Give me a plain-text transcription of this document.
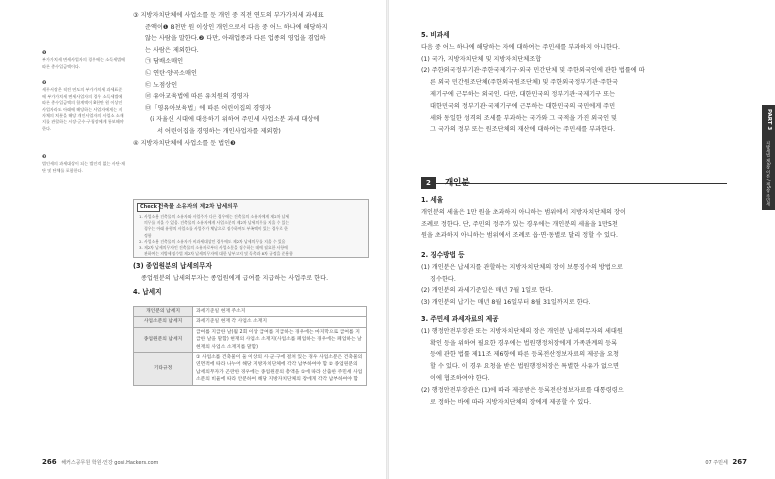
❶
부가가치세 면세사업자의 경우에는 소득세법에 따른 총수입금액이다.
❷
세무서장은 직전 연도의 부가가치세 과세표준에 부가가치세 면세사업자의 경우 소득세법에 따른 총수입금액의 합계액이 8천만 원 이상인 사업자라도 아래에 해당하는 사업자에게는 지자체의 처분을 해당 개인사업자의 사업소 소재지를 관할하는 시장·군수·구청장에게 통보해야 한다.
❸
법인세의 과세대상이 되는 법인격 없는 사단·재단 및 단체를 포함한다.
③ 지방자치단체에 사업소를 둔 개인 중 직전 연도의 부가가치세 과세표
준액이❶ 8천만 원 이상인 개인으로서 다음 중 어느 하나에 해당하지
않는 사람을 말한다.❷ 다만, 아래업종과 다른 업종의 영업을 겸업하
는 사람은 제외한다.
㉠ 담배소매인
㉡ 연탄·양곡소매인
㉢ 노점상인
㉣ 유아교육법에 따른 유치원의 경영자
㉤「영유아보육법」에 따른 어린이집의 경영자
(ⅰ 자율신 시대에 대응하기 위하여 주민세 사업소분 과세 대상에
서 어린이집을 경영하는 개인사업자를 제외함)
④ 지방자치단체에 사업소를 둔 법인❸
Check 건축물 소유자의 제2차 납세의무
1. 사업소용 건축물의 소유자와 사업주가 다른 경우에는 건축물의 소유자에게 제2차 납세
의무를 지울 수 있음. 건축물의 소유자에게 사업소분의 제2차 납세의무를 지울 수 있는
경우는 아래 유형의 사업소를 사업주가 체납으로 징수하여도 부족액이 있는 경우로 한
정함
2. 사업소용 건축물의 소유자가 비과세대상인 경우에도 제2차 납세의무를 지울 수 있음
3. 제2차 납세의무자인 건축물의 소유자로부터 사업소분을 징수하는 데에 필요한 사항에
관하여는 지방세징수법 제2차 납세의무자에 대한 납부고지 및 독촉과 8차 규정을 준용함
(3) 종업원분의 납세의무자
종업원분의 납세의무자는 종업원에게 급여를 지급하는 사업주로 한다.
4. 납세지
개인분의 납세지	과세기준일 현재 주소지
사업소분의 납세지	과세기준일 현재 각 사업소 소재지
종업원분의 납세지	급여를 지급한 날(월 2회 이상 급여를 지급하는 경우에는 마지막으로 급여를 지급한 날을 말함) 현재의 사업소 소재지(사업소를 폐업하는 경우에는 폐업하는 날 현재의 사업소 소재지를 말함)
기타규정	① 사업소를 건축물이 둘 이상의 시·군·구에 걸쳐 있는 경우 사업소분은 건축물의 연면적에 따라 나누어 해당 지방자치단체에 각각 납부하여야 함 ② 종업원분의 납세의무자가 곤란한 경우에는 종업원분의 총액을 ①에 따라 산출한 주민세 사업소분의 비율에 따라 안분하여 해당 지방자치단체의 장에게 각각 납부하여야 함
266 해커스공무원 학원·인강 gosi.Hackers.com

5. 비과세

다음 중 어느 하나에 해당하는 자에 대하여는 주민세를 부과하지 아니한다.

(1) 국가, 지방자치단체 및 지방자치단체조합

(2) 주한외국정부기관·주한국제기구·외국 민간단체 및 주한외국인에 관한 법률에 따

른 외국 민간원조단체(주한외국원조단체) 및 주한외국정부기관·주한국

제기구에 근무하는 외국인. 다만, 대한민국의 정부기관·국제기구 또는

대한민국의 정부기관·국제기구에 근무하는 대한민국의 국민에게 주민

세와 동일한 성격의 조세를 부과하는 국가와 그 국적을 가진 외국인 및

그 국가의 정부 또는 원조단체의 재산에 대하여는 주민세를 부과한다.

2 개인분

1. 세율

개인분의 세율은 1만 원을 초과하지 아니하는 범위에서 지방자치단체의 장이

조례로 정한다. 단, 주민의 정주가 있는 경우에는 개인분의 세율을 1만5천

원을 초과하지 아니하는 범위에서 조례로 읍·면·동별로 달리 정할 수 있다.

2. 징수방법 등

(1) 개인분은 납세지를 관할하는 지방자치단체의 장이 보통징수의 방법으로

징수한다.

(2) 개인분의 과세기준일은 매년 7월 1일로 한다.

(3) 개인분의 납기는 매년 8월 16일부터 8월 31일까지로 한다.

3. 주민세 과세자료의 제공

(1) 행정안전부장관 또는 지방자치단체의 장은 개인분 납세의무자의 세대원

확인 등을 위하여 필요한 경우에는 법원행정처장에게 가족관계의 등록

등에 관한 법률 제11조 제6항에 따른 등록전산정보자료의 제공을 요청

할 수 있다. 이 경우 요청을 받은 법원행정처장은 특별한 사유가 없으면

이에 협조하여야 한다.

(2) 행정안전부장관은 (1)에 따라 제공받은 등록전산정보자료를 대통령령으

로 정하는 바에 따라 지방자치단체의 장에게 제공할 수 있다.

PART 3
지방세법 제3장 이론 / 제5장 주민세
07 주민세 267
